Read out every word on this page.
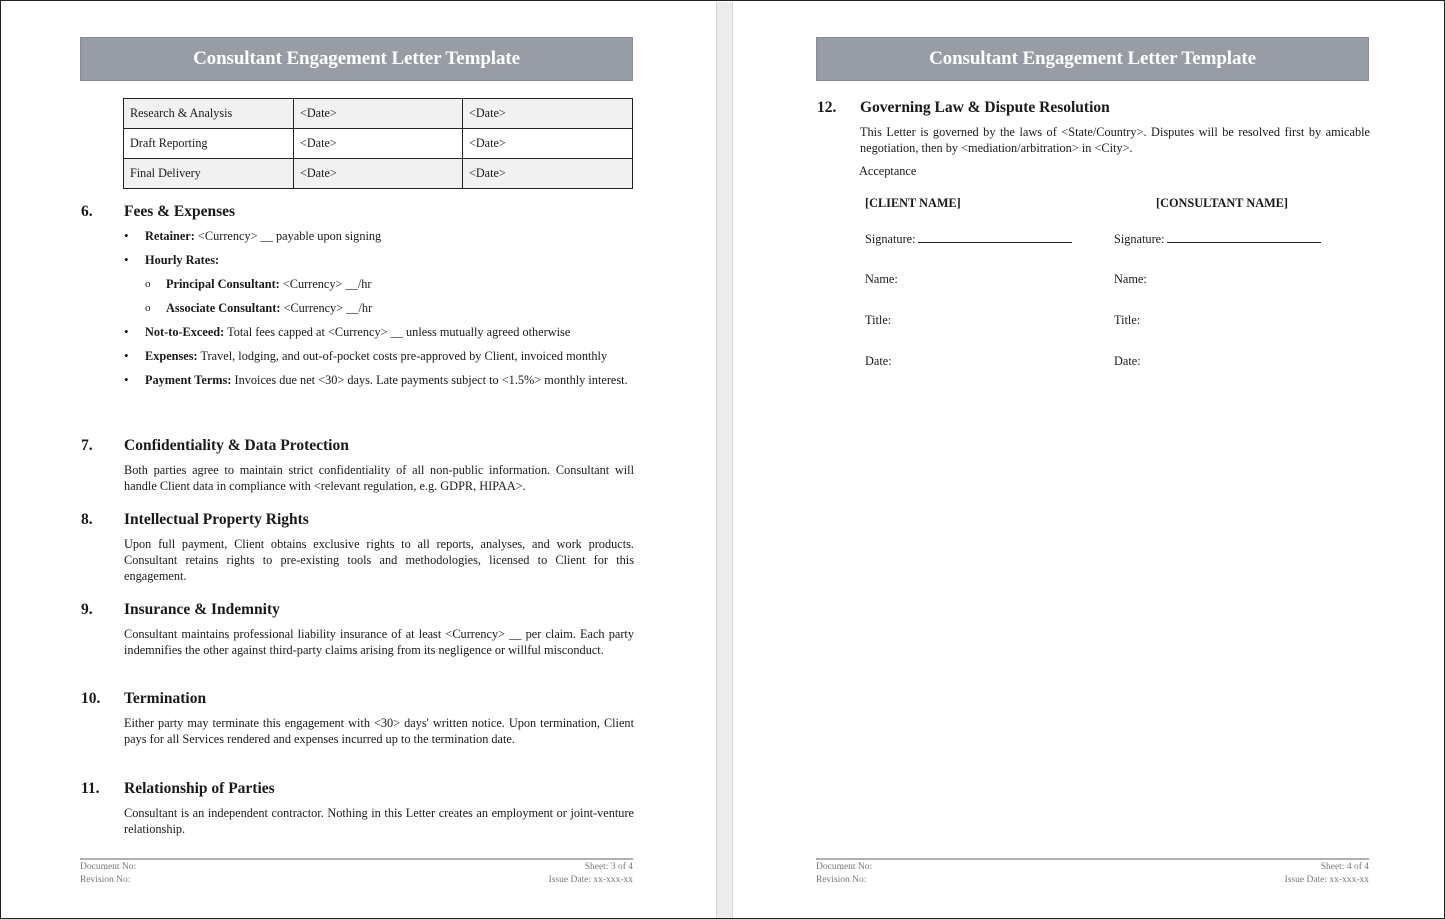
Consultant Engagement Letter Template
Research & Analysis	<Date>	<Date>
Draft Reporting	<Date>	<Date>
Final Delivery	<Date>	<Date>
6.	Fees & Expenses
• Retainer: <Currency> __ payable upon signing
• Hourly Rates:
o Principal Consultant: <Currency> __/hr
o Associate Consultant: <Currency> __/hr
• Not-to-Exceed: Total fees capped at <Currency> __ unless mutually agreed otherwise
• Expenses: Travel, lodging, and out-of-pocket costs pre-approved by Client, invoiced monthly
• Payment Terms: Invoices due net <30> days. Late payments subject to <1.5%> monthly interest.
7.	Confidentiality & Data Protection
Both parties agree to maintain strict confidentiality of all non-public information. Consultant will handle Client data in compliance with <relevant regulation, e.g. GDPR, HIPAA>.
8.	Intellectual Property Rights
Upon full payment, Client obtains exclusive rights to all reports, analyses, and work products. Consultant retains rights to pre-existing tools and methodologies, licensed to Client for this engagement.
9.	Insurance & Indemnity
Consultant maintains professional liability insurance of at least <Currency> __ per claim. Each party indemnifies the other against third-party claims arising from its negligence or willful misconduct.
10.	Termination
Either party may terminate this engagement with <30> days' written notice. Upon termination, Client pays for all Services rendered and expenses incurred up to the termination date.
11.	Relationship of Parties
Consultant is an independent contractor. Nothing in this Letter creates an employment or joint-venture relationship.
Document No:	Sheet: 3 of 4
Revision No:	Issue Date: xx-xxx-xx
Consultant Engagement Letter Template
12.	Governing Law & Dispute Resolution
This Letter is governed by the laws of <State/Country>. Disputes will be resolved first by amicable negotiation, then by <mediation/arbitration> in <City>.
Acceptance
[CLIENT NAME]
Signature:
Name:
Title:
Date:
[CONSULTANT NAME]
Signature:
Name:
Title:
Date:
Document No:	Sheet: 4 of 4
Revision No:	Issue Date: xx-xxx-xx
